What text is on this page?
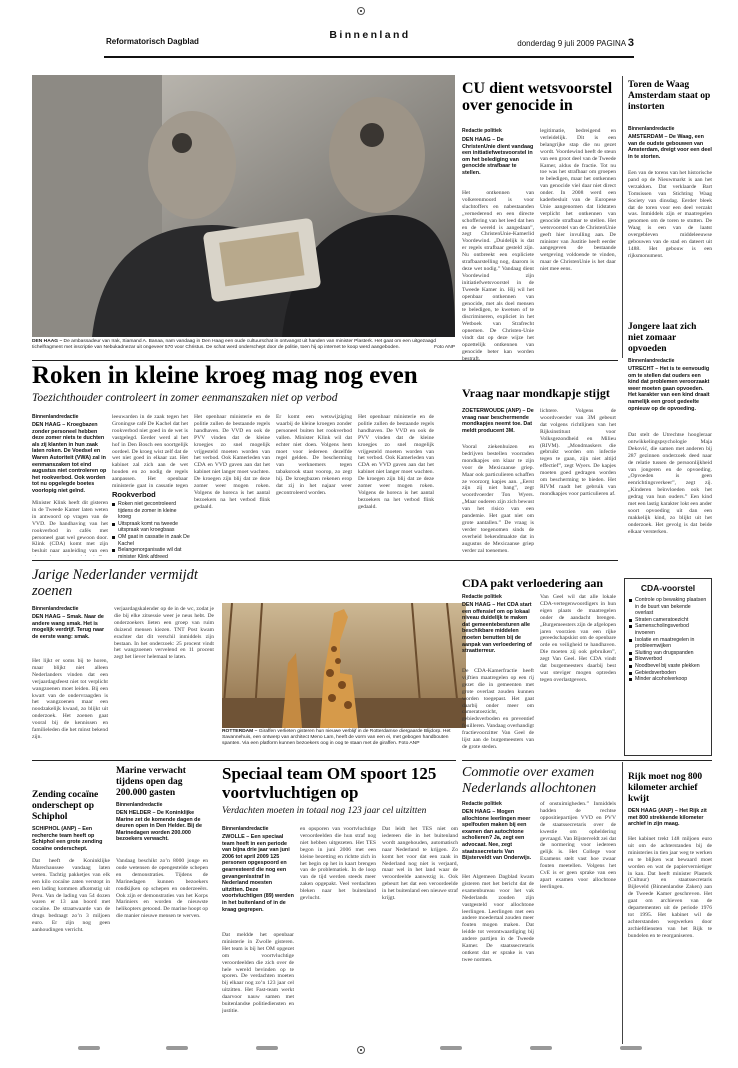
Reformatorisch Dagblad
Binnenland
donderdag 9 juli 2009 PAGINA 3
DEN HAAG – De ambassadeur van Irak, Siamand A. Banaa, nam vandaag in Den Haag een oude cultuurschat in ontvangst uit handen van minister Plasterk. Het gaat om een uitgezaagd tichelfragment met inscriptie van Nebukadnezar uit ongeveer 570 voor Christus. De schat werd onderschept door de politie, toen hij op internet te koop werd aangeboden.	Foto ANP
CU dient wetsvoorstel over genocide in
Redactie politiek
DEN HAAG – De ChristenUnie dient vandaag een initiatiefwetsvoorstel in om het belediging van genocide strafbaar te stellen.
Het ontkennen van volkerenmoord is voor slachtoffers en nabestaanden „vernederend en een directe schoffering van het leed dat hen en de wereld is aangedaan”, zegt ChristenUnie-Kamerlid Voordewind. „Duidelijk is dat er regels strafbaar gesteld zijn. Nu ontbreekt een expliciete strafbaarstelling nog, daarom is deze wet nodig.” Vandaag dient Voordewind zijn initiatiefwetsvoorstel in de Tweede Kamer in. Hij wil het openbaar ontkennen van genocide, met als doel mensen te beledigen, te kwetsen of te discrimineren, expliciet in het Wetboek van Strafrecht opnemen. De Christen-Unie vindt dat op deze wijze het opzettelijk ontkennen van genocide beter kan worden bestraft.
legitimatie, bedreigend en verleidelijk. Dit is een belangrijke stap die nu gezet wordt. Voordewind heeft de steun van een groot deel van de Tweede Kamer, aldus de fractie. Tot nu toe was het strafbaar om groepen te beledigen, maar het ontkennen van genocide viel daar niet direct onder. In 2008 werd een kaderbesluit van de Europese Unie aangenomen dat lidstaten verplicht het ontkennen van genocide strafbaar te stellen. Het wetsvoorstel van de ChristenUnie geeft hier invulling aan. De minister van Justitie heeft eerder aangegeven de bestaande wetgeving voldoende te vinden, maar de ChristenUnie is het daar niet mee eens.
Toren de Waag Amsterdam staat op instorten
Binnenlandredactie
AMSTERDAM – De Waag, een van de oudste gebouwen van Amsterdam, dreigt voor een deel in te storten.
Een van de torens van het historische pand op de Nieuwmarkt is aan het verzakken. Dat verklaarde Bart Tomsissen van Stichting Waag Society van dinsdag. Eerder bleek dat de toren voor een deel verzakt was. Inmiddels zijn er maatregelen genomen om de toren te stutten. De Waag is een van de laatst overgebleven middeleeuwse gebouwen van de stad en dateert uit 1488. Het gebouw is een rijksmonument.
Jongere laat zich niet zomaar opvoeden
Binnenlandredactie
UTRECHT – Het is te eenvoudig om te stellen dat ouders een kind dat problemen veroorzaakt weer moeten gaan opvoeden. Het karakter van een kind draait namelijk een groot gedeelte opnieuw op de opvoeding.
Dat stelt de Utrechtse hoogleraar ontwikkelingspsychologie Maja Deković, die samen met anderen bij 287 gezinnen onderzoek deed naar de relatie tussen de persoonlijkheid van jongeren en de opvoeding. „Opvoeden is geen eenrichtingsverkeer”, zegt zij. „Kinderen beïnvloeden ook het gedrag van hun ouders.” Een kind met een lastig karakter lokt een ander soort opvoeding uit dan een makkelijk kind, zo blijkt uit het onderzoek. Het gevolg is dat beide elkaar versterken.
Roken in kleine kroeg mag nog even
Toezichthouder controleert in zomer eenmanszaken niet op verbod
Binnenlandredactie
DEN HAAG – Kroegbazen zonder personeel hebben deze zomer niets te duchten als zij klanten in hun zaak laten roken. De Voedsel en Waren Autoriteit (VWA) zal in eenmanszaken tot eind augustus niet controleren op het rookverbod. Ook worden tot nu opgelegde boetes voorlopig niet geïnd.
Minister Klink heeft dit gisteren in de Tweede Kamer laten weten in antwoord op vragen van de VVD. De handhaving van het rookverbod in cafés met personeel gaat wel gewoon door. Klink (CDA) komt met zijn besluit naar aanleiding van een
leeuwarden in de zaak tegen het Groningse café De Kachel dat het rookverbod niet goed in de wet is vastgelegd. Eerder werd al het hof in Den Bosch een soortgelijk oordeel. De kroeg wist zelf dat de wet niet goed in elkaar zat. Het kabinet zal zich aan de wet houden en zo nodig de regels aanpassen. Het openbaar ministerie gaat in cassatie tegen
Rookverbod
Roken niet gecontroleerd tijdens de zomer in kleine kroeg
Uitspraak komt na tweede uitspraak van kroegbaas
OM gaat in cassatie in zaak De Kachel
Belangenorganisatie wil dat minister Klink afdreed
Het openbaar ministerie en de politie zullen de bestaande regels handhaven. De VVD en ook de PVV vinden dat de kleine kroegjes zo snel mogelijk vrijgesteld moeten worden van het verbod. Ook Kamerleden van CDA en VVD gaven aan dat het kabinet niet langer moet wachten. De kroegen zijn blij dat ze deze zomer weer mogen roken. Volgens de horeca is het aantal bezoekers na het verbod flink gedaald.
Er komt een wetswijziging waarbij de kleine kroegen zonder personeel buiten het rookverbod vallen. Minister Klink wil dat echter niet doen. Volgens hem moet voor iedereen dezelfde regel gelden. De bescherming van werknemers tegen tabaksrook staat voorop, zo zegt hij. De kroegbazen rekenen erop dat zij in het najaar weer gecontroleerd worden.
Het openbaar ministerie en de politie zullen de bestaande regels handhaven. De VVD en ook de PVV vinden dat de kleine kroegjes zo snel mogelijk vrijgesteld moeten worden van het verbod. Ook Kamerleden van CDA en VVD gaven aan dat het kabinet niet langer moet wachten. De kroegen zijn blij dat ze deze zomer weer mogen roken. Volgens de horeca is het aantal bezoekers na het verbod flink gedaald.
Vraag naar mondkapje stijgt
ZOETERWOUDE (ANP) – De vraag naar beschermende mondkapjes neemt toe. Dat meldt producent 3M.
Vooral ziekenhuizen en bedrijven bestellen voorraden mondkapjes om klaar te zijn voor de Mexicaanse griep. Maar ook particulieren schaffen ze voorzorg kapjes aan. „Eerst zijn zij niet bang”, zegt woordvoerder Ton Wyers. „Maar ouderen zijn zich bewust van het risico van een pandemie. Het gaat niet om grote aantallen.” De vraag is verder toegenomen sinds de overheid bekendmaakte dat in augustus de Mexicaanse griep verder zal toenemen.
lichtere. Volgens de woordvoerder van 3M gebeurt dat volgens richtlijnen van het Rijksinstituut voor Volksgezondheid en Milieu (RIVM). „Mondmaskers die gebruikt worden om infectie tegen te gaan, zijn niet altijd effectief”, zegt Wyers. De kapjes moeten goed gedragen worden om bescherming te bieden. Het RIVM raadt het gebruik van mondkapjes voor particulieren af.
Jarige Nederlander vermijdt zoenen
Binnenlandredactie
DEN HAAG – Smak. Naar de andere wang smak. Het is mogelijk verdrijf. Terug naar de eerste wang: smak.
Het lijkt er soms bij te horen, maar blijkt niet alleen Nederlanders vinden dat een verjaardagsfeest niet tot verplicht wangzoenen moet leiden. Bij een kwart van de ondervraagden is het wangzoenen maar een noodzakelijk kwaad, zo blijkt uit onderzoek. Het zoenen gaat vooral bij de kennissen en familieleden die het minst bekend zijn.
verjaardagskalender op de in de wc, zodat je die bij elke zitsessie weer je neus hebt. De onderzoekers lieten een groep van ruim duizend mensen kiezen. TNT Post kwam erachter dat dit verschil inmiddels zijn bestaan. In het onderzoek: 25 procent vindt het wangzoenen vervelend en 11 procent zegt het liever helemaal te laten.
ROTTERDAM – Giraffen verlieten gisteren hun nieuwe verblijf in de Rotterdamse diergaarde Blijdorp. Het Savannehuis, een ontwerp van architect Meno Lam, heeft de vorm van een ei, met gebogen handbouten spanten. Via een platform kunnen bezoekers oog in oog te staan met de giraffen. Foto ANP
CDA pakt verloedering aan
Redactie politiek
DEN HAAG – Het CDA start een offensief om op lokaal niveau duidelijk te maken dat gemeentebesturen alle beschikbare middelen moeten benutten bij de aanpak van verloedering of straatterreur.
De CDA-Kamerfractie heeft vijftien maatregelen op een rij gezet die in gemeenten met grote overlast zouden kunnen worden toegepast. Het gaat daarbij onder meer om cameratoezicht, gebiedsverboden en preventief fouilleren. Vandaag overhandigt fractievoorzitter Van Geel de lijst aan de burgemeesters van de grote steden.
Van Geel wil dat alle lokale CDA-vertegenwoordigers in hun eigen plaats de maatregelen onder de aandacht brengen. „Burgemeesters zijn de afgelopen jaren voorzien van een rijke gereedschapskist om de openbare orde en veiligheid te handhaven. Die moeten zij ook gebruiken”, zegt Van Geel. Het CDA vindt dat burgemeesters daarbij best wat steviger mogen optreden tegen overlastgevers.
CDA-voorstel
Controle op bewaking plaatsen in de buurt van bekende overlast
Straten cameratoezicht
Samenscholingsverbod invoeren
Isolatie en maatregelen in probleemwijken
Sluiting van drugspanden
Blowverbod
Noodbevel bij vaste plekken
Gebiedsverboden
Minder alcoholverkoop
Commotie over examen Nederlands allochtonen
Redactie politiek
DEN HAAG – Mogen allochtone leerlingen meer spelfouten maken bij een examen dan autochtone scholieren? Ja, zegt een advocaat. Nee, zegt staatssecretaris Van Bijsterveldt van Onderwijs.
Het Algemeen Dagblad kwam gisteren met het bericht dat de examenbureau voor het vak Nederlands zouden zijn vastgesteld voor allochtone leerlingen. Leerlingen met een andere moedertaal zouden meer fouten mogen maken. Dat leidde tot verontwaardiging bij andere partijen in de Tweede Kamer. De staatssecretaris ontkent dat er sprake is van twee normen.
of onstuimigheden.” Inmiddels hadden de rechtse oppositiepartijen VVD en PVV de staatssecretaris over de kwestie om opheldering gevraagd. Van Bijsterveldt zei dat de normering voor iedereen gelijk is. Het College voor Examens stelt vast hoe zwaar fouten meetellen. Volgens het CvE is er geen sprake van een apart examen voor allochtone leerlingen.
Rijk moet nog 800 kilometer archief kwijt
DEN HAAG (ANP) – Het Rijk zit met 800 strekkende kilometer archief in zijn maag.
Het kabinet trekt 148 miljoen euro uit om de achterstanden bij de ministeries in tien jaar weg te werken en te blijken wat bewaard moet worden en wat de papiervernietiger in kan. Dat heeft minister Plasterk (Cultuur) en staatssecretaris Bijleveld (Binnenlandse Zaken) aan de Tweede Kamer geschreven. Het gaat om archieven van de departementen uit de periode 1976 tot 1995. Het kabinet wil de achterstanden wegwerken door archiefdiensten van het Rijk te bundelen en te reorganiseren.
Zending cocaïne onderschept op Schiphol
SCHIPHOL (ANP) – Een recherche team heeft op Schiphol een grote zending cocaïne onderschept.
Dat heeft de Koninklijke Marechaussee vandaag laten weten. Tachtig pakketjes van elk een kilo cocaïne zaten verstopt in een lading kommen afkomstig uit Peru. Van de lading van 54 dozen waren er 13 aan boord met cocaïne. De straatwaarde van de drugs bedraagt zo’n 3 miljoen euro. Er zijn nog geen aanhoudingen verricht.
Marine verwacht tijdens open dag 200.000 gasten
Binnenlandredactie
DEN HELDER – De Koninklijke Marine zet de komende dagen de deuren open in Den Helder. Bij de Marinedagen worden 200.000 bezoekers verwacht.
Vandaag beschikt zo’n 8000 jonge en oude wetensen de opengestelde schepen en demonstraties. Tijdens de Marinedagen kunnen bezoekers rondkijken op schepen en onderzeeërs. Ook zijn er demonstraties van het Korps Mariniers en worden de nieuwste helikopters getoond. De marine hoopt op die manier nieuwe mensen te werven.
Speciaal team OM spoort 125 voortvluchtigen op
Verdachten moeten in totaal nog 123 jaar cel uitzitten
Binnenlandredactie
ZWOLLE – Een speciaal team heeft in een periode van bijna drie jaar van juni 2006 tot april 2009 125 personen opgespoord en gearresteerd die nog een gevangenisstraf in Nederland moesten uitzitten. Deze voortvluchtigen (89) werden in het buitenland of in de kraag gegrepen.
Dat meldde het openbaar ministerie in Zwolle gisteren. Het team is bij het OM opgezet om voortvluchtige veroordeelden die zich over de hele wereld bevinden op te sporen. De verdachten moeten bij elkaar nog zo’n 123 jaar cel uitzitten. Het Fast-team werkt daarvoor nauw samen met buitenlandse politiediensten en justitie.
en opsporen van voortvluchtige veroordeelden die hun straf nog niet hebben uitgezeten. Het TES begon in juni 2006 met een kleine bezetting en richtte zich in het begin op het in kaart brengen van de problematiek. In de loop van de tijd werden steeds meer zaken opgepakt. Veel verdachten bleken naar het buitenland gevlucht.
Dat leidt het TES niet om iedereen die in het buitenland wordt aangehouden, automatisch naar Nederland te krijgen. Zo komt het voor dat een zaak in Nederland nog niet is verjaard, maar wel in het land waar de veroordeelde aanwezig is. Ook gebeurt het dat een veroordeelde in het buitenland een nieuwe straf krijgt.
